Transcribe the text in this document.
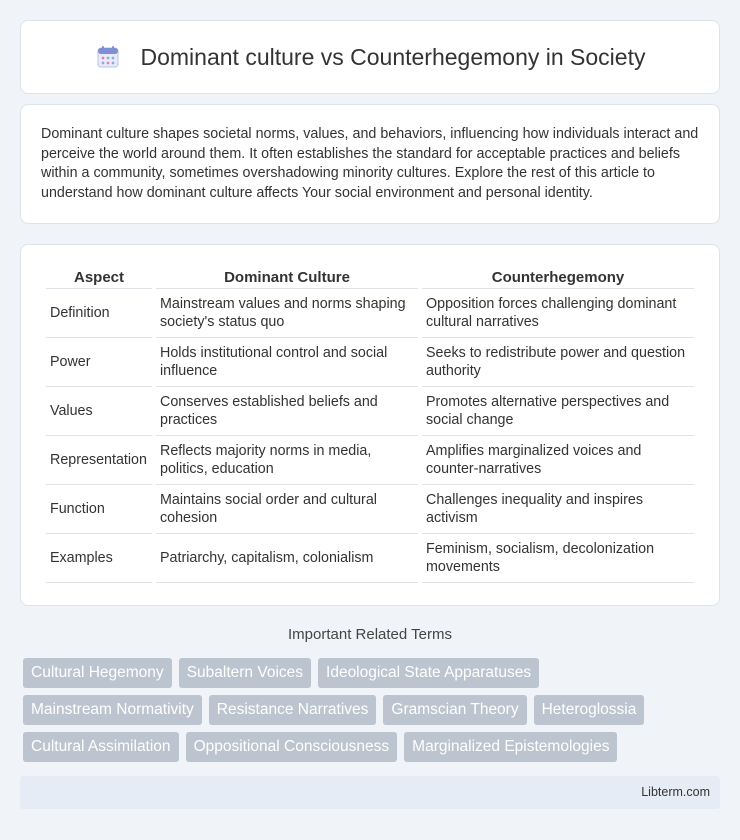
Dominant culture vs Counterhegemony in Society

Dominant culture shapes societal norms, values, and behaviors, influencing how individuals interact and perceive the world around them. It often establishes the standard for acceptable practices and beliefs within a community, sometimes overshadowing minority cultures. Explore the rest of this article to understand how dominant culture affects Your social environment and personal identity.

Aspect	Dominant Culture	Counterhegemony
Definition	Mainstream values and norms shaping society's status quo	Opposition forces challenging dominant cultural narratives
Power	Holds institutional control and social influence	Seeks to redistribute power and question authority
Values	Conserves established beliefs and practices	Promotes alternative perspectives and social change
Representation	Reflects majority norms in media, politics, education	Amplifies marginalized voices and counter-narratives
Function	Maintains social order and cultural cohesion	Challenges inequality and inspires activism
Examples	Patriarchy, capitalism, colonialism	Feminism, socialism, decolonization movements
Important Related Terms
Cultural Hegemony	Subaltern Voices	Ideological State Apparatuses
Mainstream Normativity	Resistance Narratives	Gramscian Theory	Heteroglossia
Cultural Assimilation	Oppositional Consciousness	Marginalized Epistemologies
Libterm.com
